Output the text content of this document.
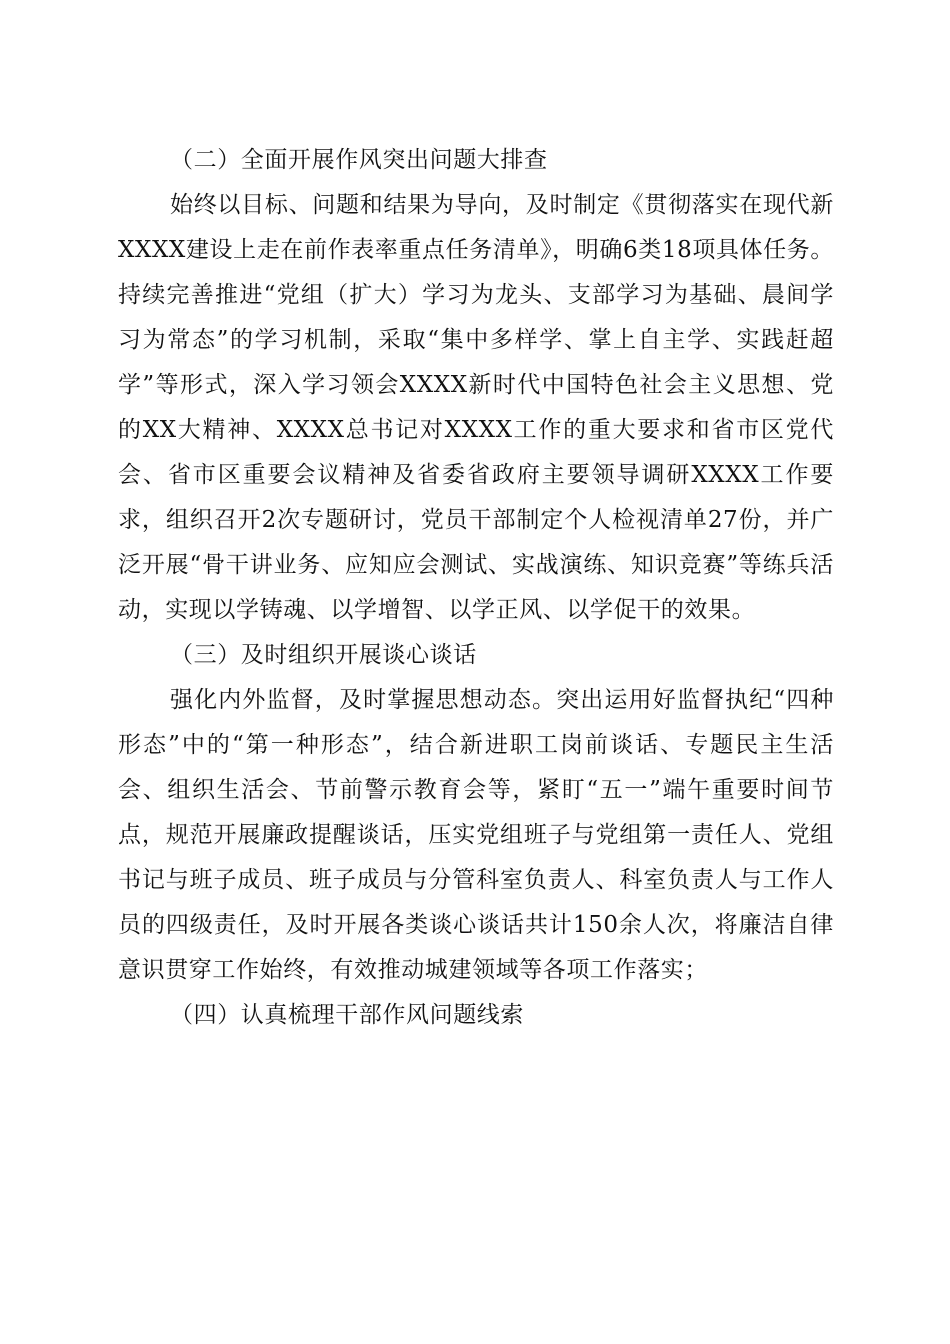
（二）全面开展作风突出问题大排查

始终以目标、问题和结果为导向，及时制定《贯彻落实在现代新XXXX建设上走在前作表率重点任务清单》，明确6类18项具体任务。持续完善推进“党组（扩大）学习为龙头、支部学习为基础、晨间学习为常态”的学习机制，采取“集中多样学、掌上自主学、实践赶超学”等形式，深入学习领会XXXX新时代中国特色社会主义思想、党的XX大精神、XXXX总书记对XXXX工作的重大要求和省市区党代会、省市区重要会议精神及省委省政府主要领导调研XXXX工作要求，组织召开2次专题研讨，党员干部制定个人检视清单27份，并广泛开展“骨干讲业务、应知应会测试、实战演练、知识竞赛”等练兵活动，实现以学铸魂、以学增智、以学正风、以学促干的效果。

（三）及时组织开展谈心谈话

强化内外监督，及时掌握思想动态。突出运用好监督执纪“四种形态”中的“第一种形态”，结合新进职工岗前谈话、专题民主生活会、组织生活会、节前警示教育会等，紧盯“五一”端午重要时间节点，规范开展廉政提醒谈话，压实党组班子与党组第一责任人、党组书记与班子成员、班子成员与分管科室负责人、科室负责人与工作人员的四级责任，及时开展各类谈心谈话共计150余人次，将廉洁自律意识贯穿工作始终，有效推动城建领域等各项工作落实；

（四）认真梳理干部作风问题线索
